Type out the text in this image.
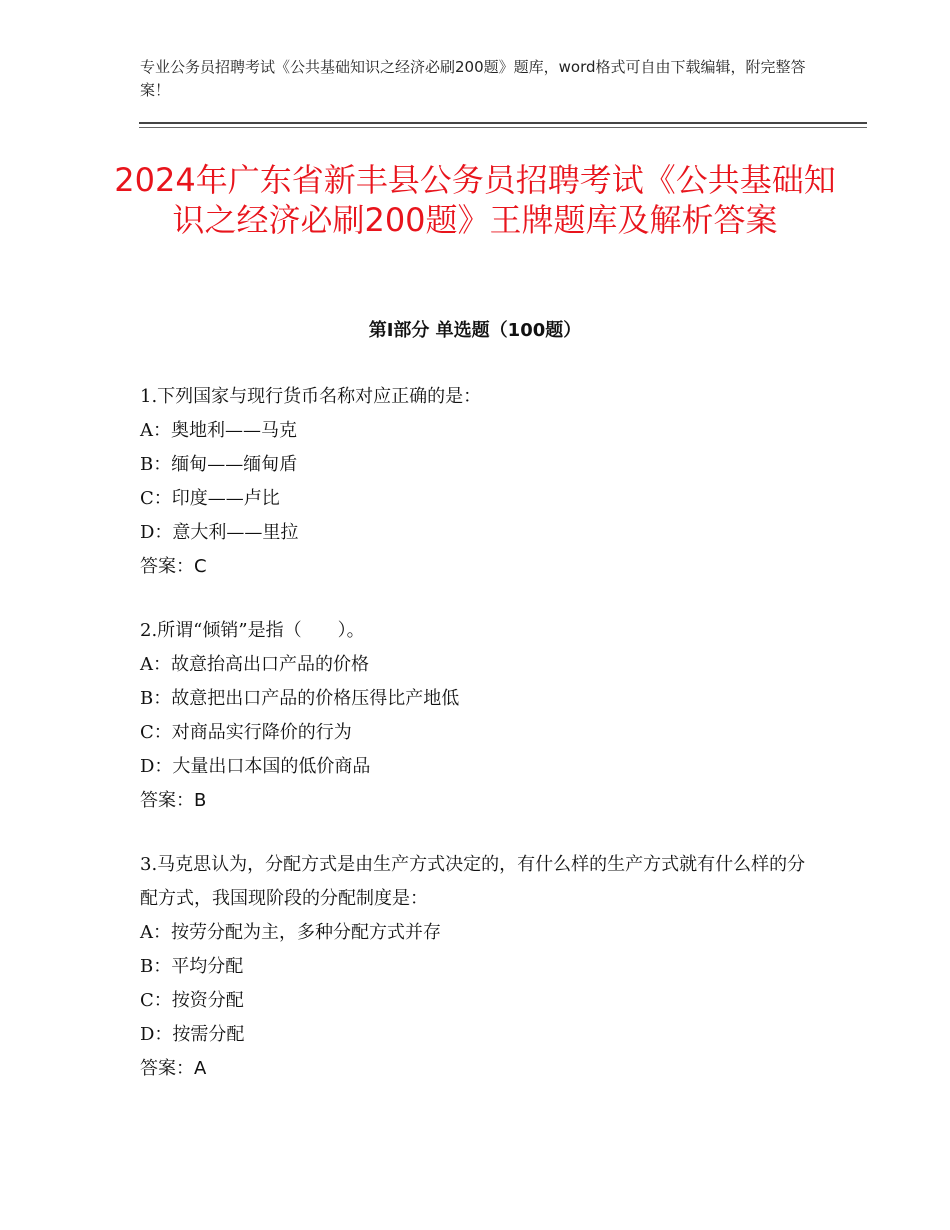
专业公务员招聘考试《公共基础知识之经济必刷200题》题库，word格式可自由下载编辑，附完整答案！
2024年广东省新丰县公务员招聘考试《公共基础知识之经济必刷200题》王牌题库及解析答案
第Ⅰ部分 单选题（100题）
1.下列国家与现行货币名称对应正确的是：
A：奥地利——马克
B：缅甸——缅甸盾
C：印度——卢比
D：意大利——里拉
答案：C
2.所谓“倾销”是指（　　）。
A：故意抬高出口产品的价格
B：故意把出口产品的价格压得比产地低
C：对商品实行降价的行为
D：大量出口本国的低价商品
答案：B
3.马克思认为，分配方式是由生产方式决定的，有什么样的生产方式就有什么样的分配方式，我国现阶段的分配制度是：
A：按劳分配为主，多种分配方式并存
B：平均分配
C：按资分配
D：按需分配
答案：A
